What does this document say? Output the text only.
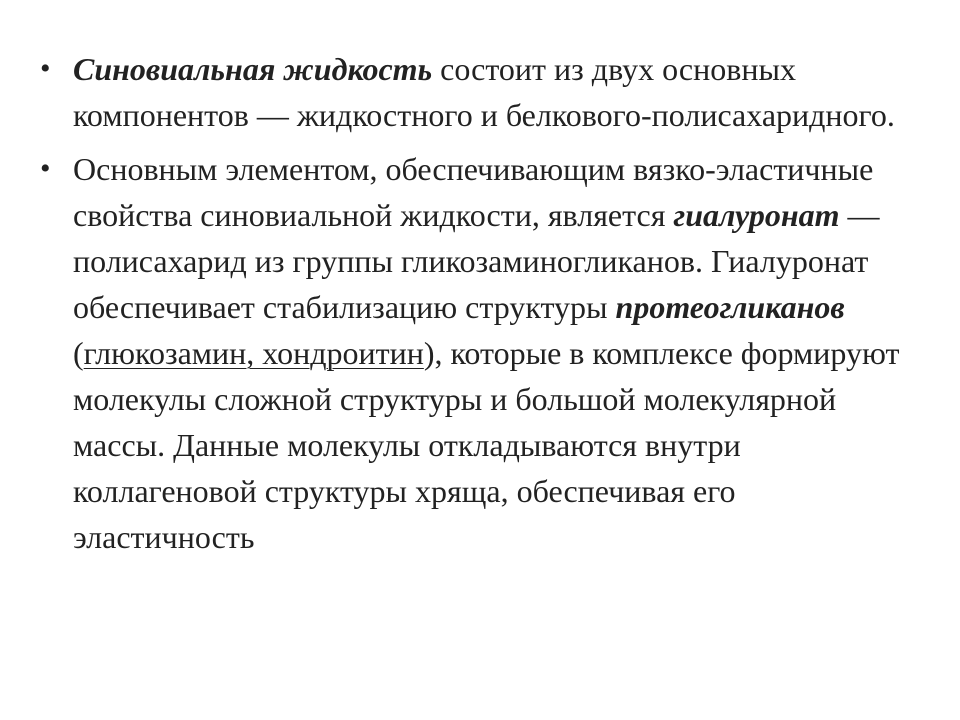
• Синовиальная жидкость состоит из двух основных компонентов — жидкостного и белкового-полисахаридного.
• Основным элементом, обеспечивающим вязко-эластичные свойства синовиальной жидкости, является гиалуронат — полисахарид из группы гликозаминогликанов. Гиалуронат обеспечивает стабилизацию структуры протеогликанов (глюкозамин, хондроитин), которые в комплексе формируют молекулы сложной структуры и большой молекулярной массы. Данные молекулы откладываются внутри коллагеновой структуры хряща, обеспечивая его эластичность
